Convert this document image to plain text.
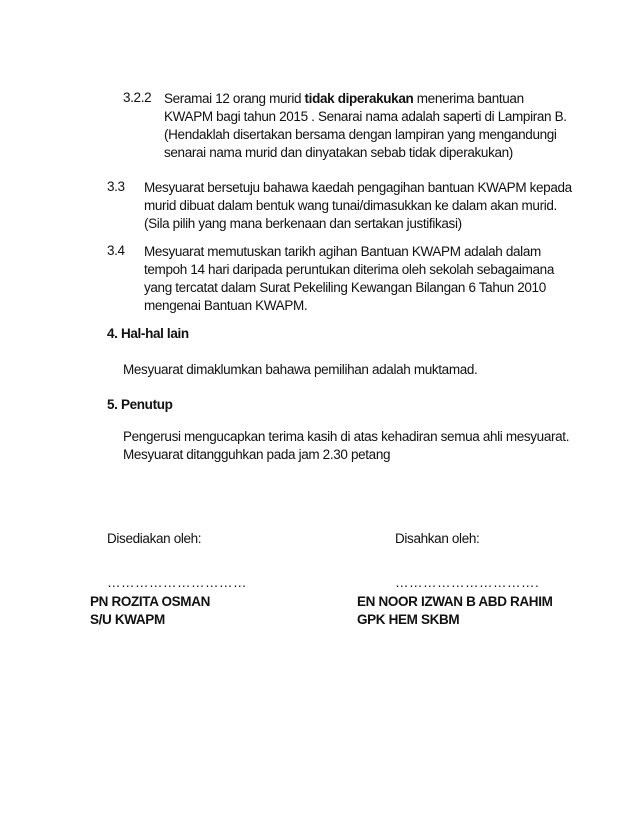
3.2.2 Seramai 12 orang murid tidak diperakukan menerima bantuan
KWAPM bagi tahun 2015 . Senarai nama adalah saperti di Lampiran B.
(Hendaklah disertakan bersama dengan lampiran yang mengandungi
senarai nama murid dan dinyatakan sebab tidak diperakukan)
3.3 Mesyuarat bersetuju bahawa kaedah pengagihan bantuan KWAPM kepada
murid dibuat dalam bentuk wang tunai/dimasukkan ke dalam akan murid.
(Sila pilih yang mana berkenaan dan sertakan justifikasi)
3.4 Mesyuarat memutuskan tarikh agihan Bantuan KWAPM adalah dalam
tempoh 14 hari daripada peruntukan diterima oleh sekolah sebagaimana
yang tercatat dalam Surat Pekeliling Kewangan Bilangan 6 Tahun 2010
mengenai Bantuan KWAPM.
4. Hal-hal lain
Mesyuarat dimaklumkan bahawa pemilihan adalah muktamad.
5. Penutup
Pengerusi mengucapkan terima kasih di atas kehadiran semua ahli mesyuarat.
Mesyuarat ditangguhkan pada jam 2.30 petang
Disediakan oleh:
…………………………
PN ROZITA OSMAN
S/U KWAPM
Disahkan oleh:
………………………….
EN NOOR IZWAN B ABD RAHIM
GPK HEM SKBM
